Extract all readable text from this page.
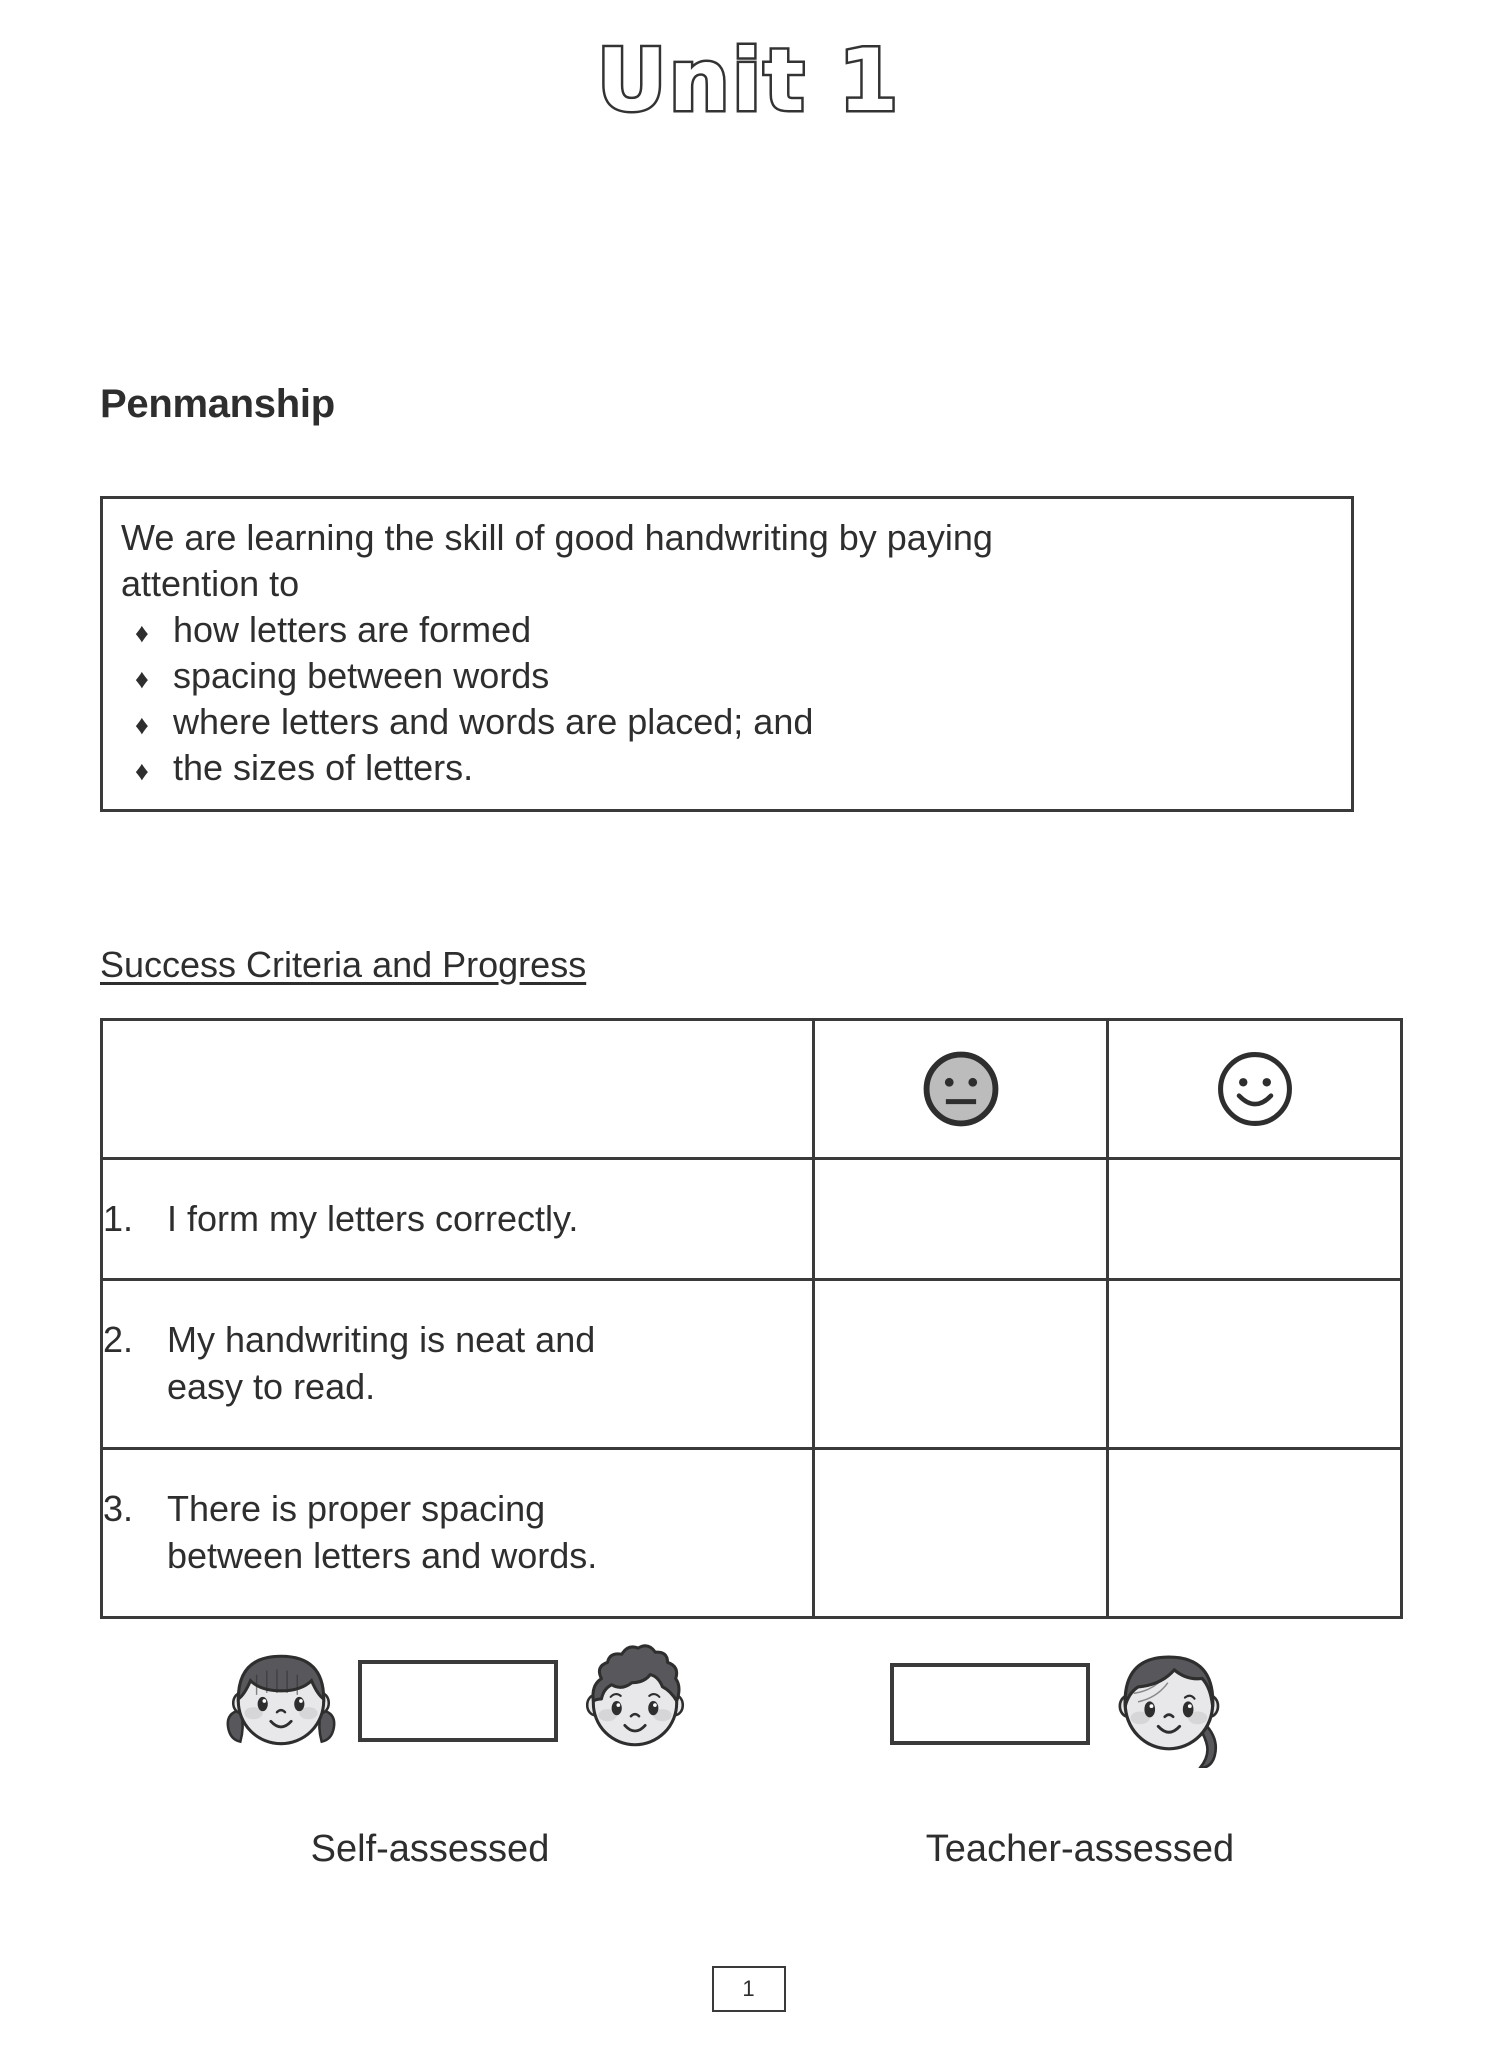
Unit 1
Penmanship

We are learning the skill of good handwriting by paying

attention to

♦ how letters are formed
♦ spacing between words
♦ where letters and words are placed; and
♦ the sizes of letters.
Success Criteria and Progress

1. I form my letters correctly.		

2. My handwriting is neat and
easy to read.		

3. There is proper spacing
between letters and words.		

Self-assessed	Teacher-assessed
1
